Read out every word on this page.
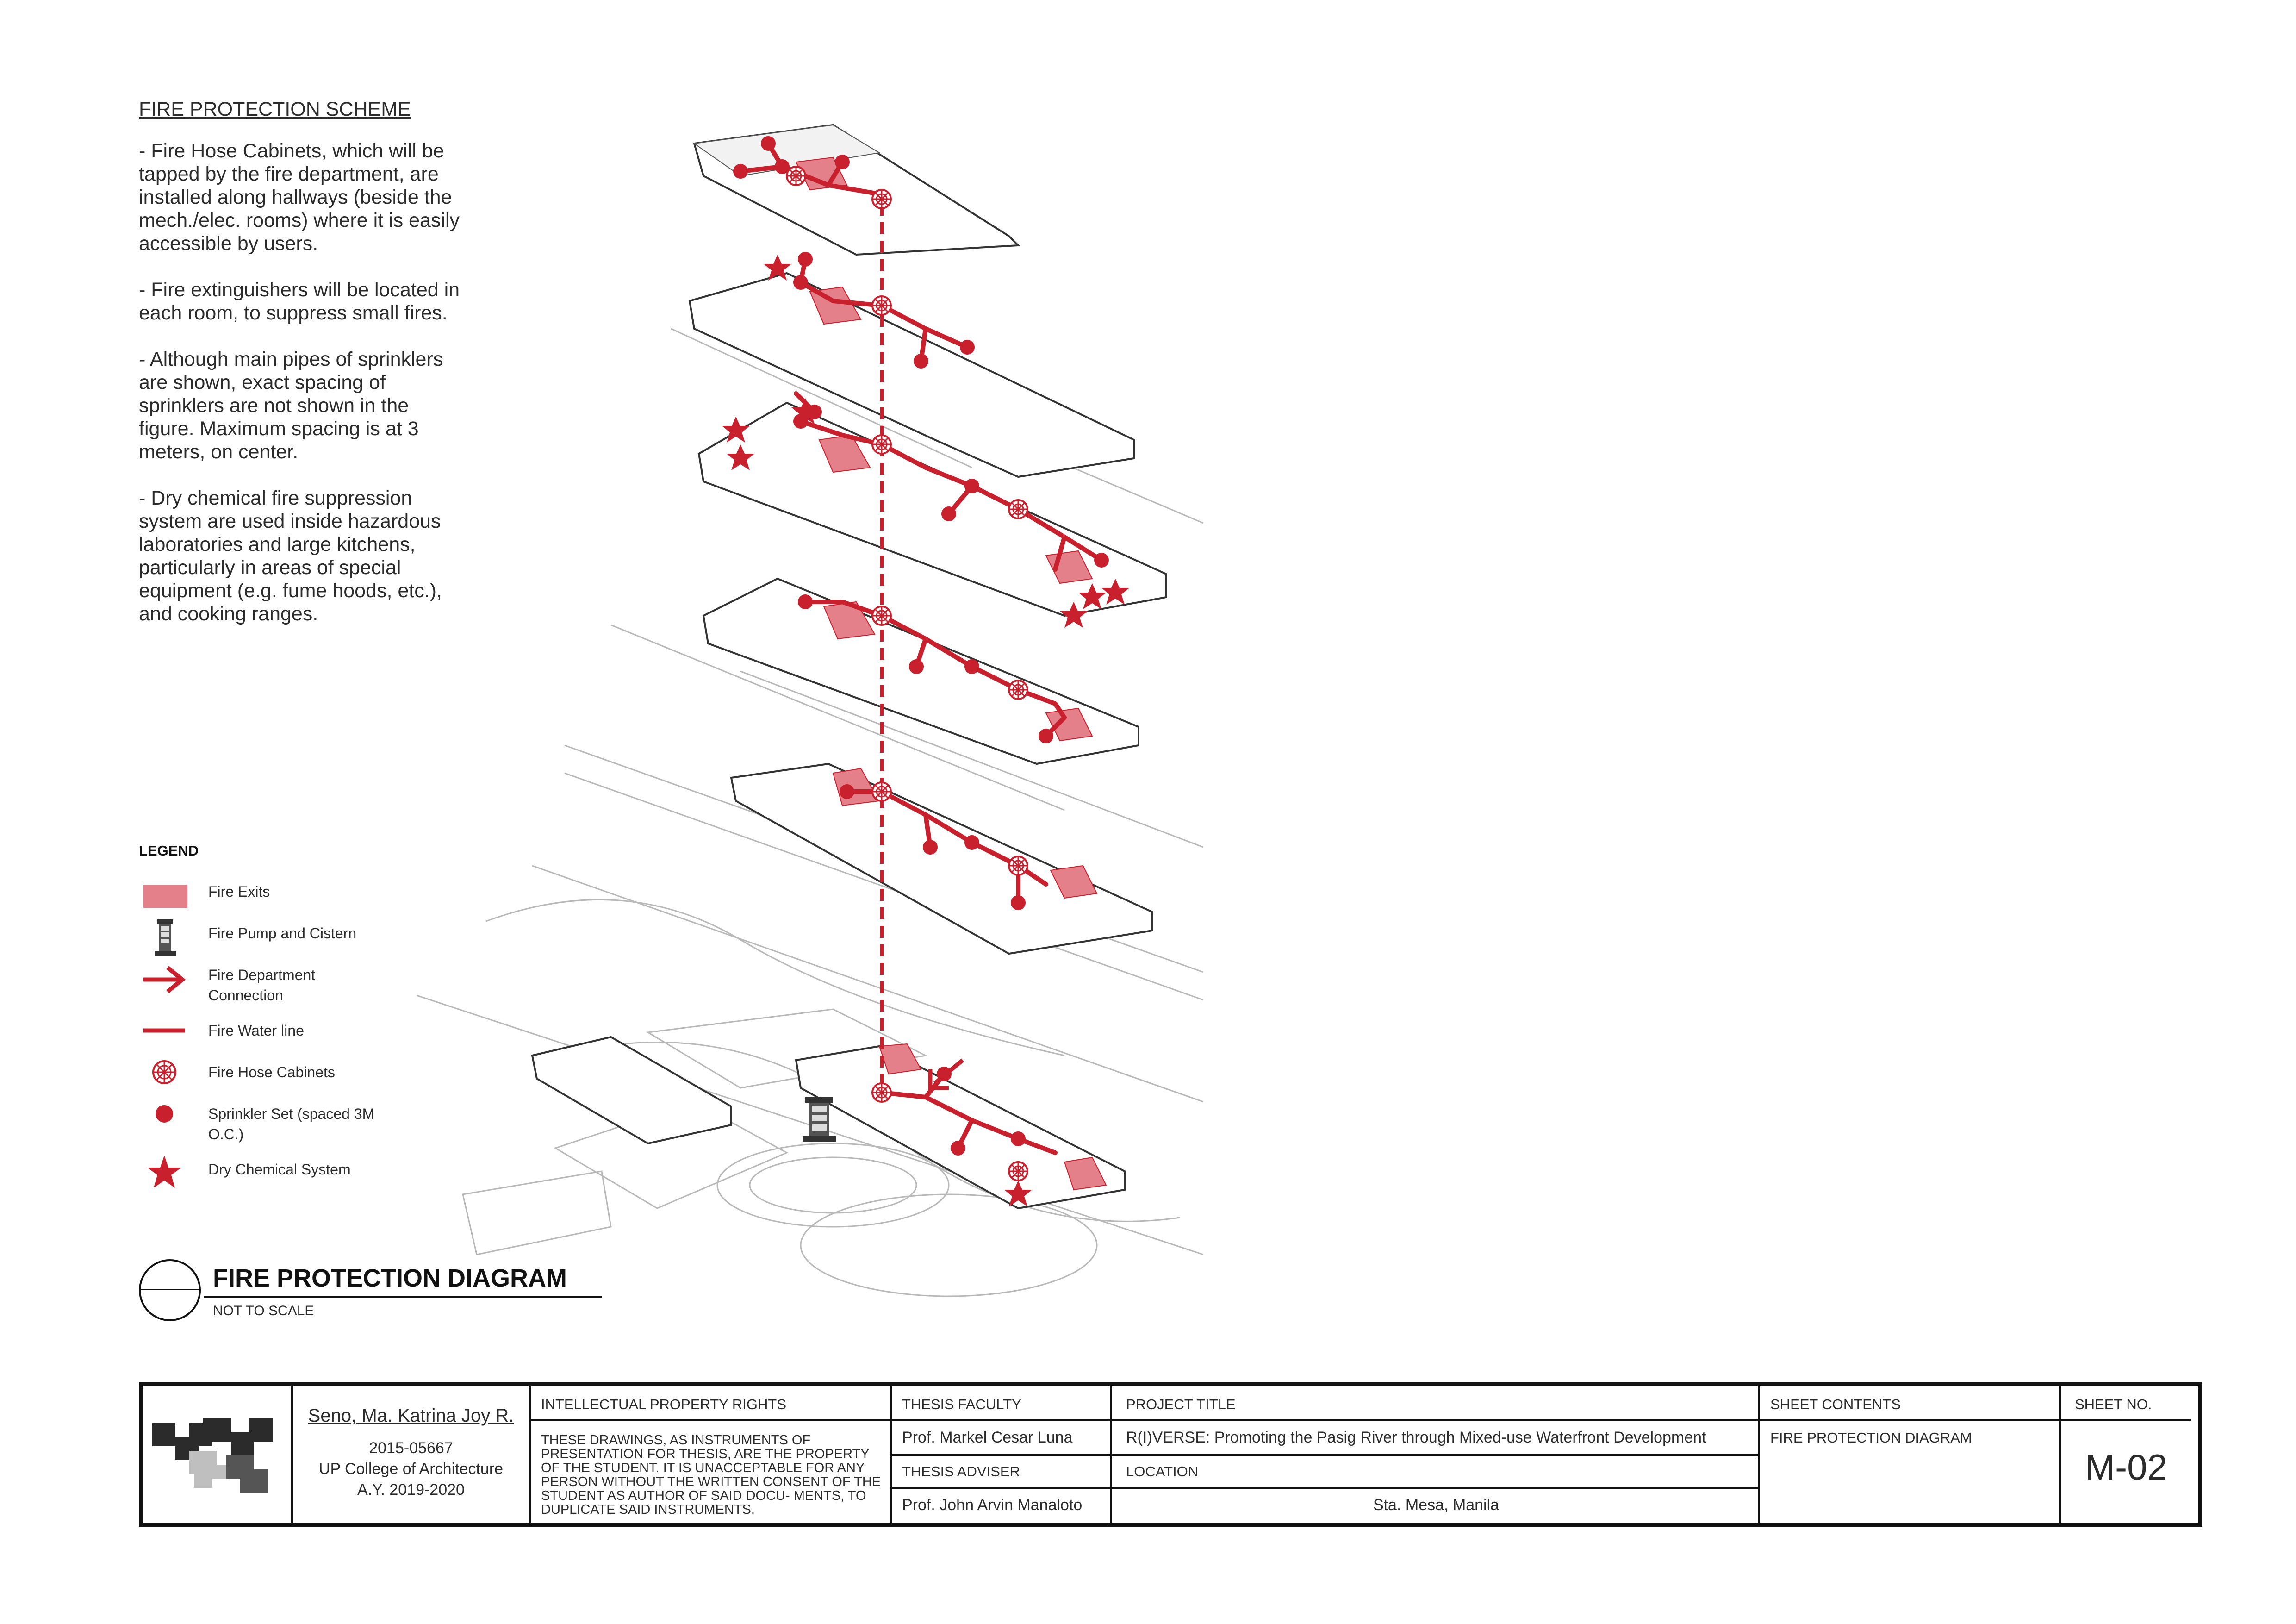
FIRE PROTECTION SCHEME
- Fire Hose Cabinets, which will be
tapped by the fire department, are
installed along hallways (beside the
mech./elec. rooms) where it is easily
accessible by users.
- Fire extinguishers will be located in
each room, to suppress small fires.
- Although main pipes of sprinklers
are shown, exact spacing of
sprinklers are not shown in the
figure. Maximum spacing is at 3
meters, on center.
- Dry chemical fire suppression
system are used inside hazardous
laboratories and large kitchens,
particularly in areas of special
equipment (e.g. fume hoods, etc.),
and cooking ranges.
LEGEND
Fire Exits
Fire Pump and Cistern
Fire Department
Connection
Fire Water line
Fire Hose Cabinets
Sprinkler Set (spaced 3M
O.C.)
Dry Chemical System
FIRE PROTECTION DIAGRAM
NOT TO SCALE
Seno, Ma. Katrina Joy R.
2015-05667
UP College of Architecture
A.Y. 2019-2020
INTELLECTUAL PROPERTY RIGHTS
THESE DRAWINGS, AS INSTRUMENTS OF PRESENTATION FOR THESIS, ARE THE PROPERTY OF THE STUDENT. IT IS UNACCEPTABLE FOR ANY PERSON WITHOUT THE WRITTEN CONSENT OF THE STUDENT AS AUTHOR OF SAID DOCU- MENTS, TO DUPLICATE SAID INSTRUMENTS.
THESIS FACULTY
Prof. Markel Cesar Luna
THESIS ADVISER
Prof. John Arvin Manaloto
PROJECT TITLE
R(I)VERSE: Promoting the Pasig River through Mixed-use Waterfront Development
LOCATION
Sta. Mesa, Manila
SHEET CONTENTS
FIRE PROTECTION DIAGRAM
SHEET NO.
M-02
